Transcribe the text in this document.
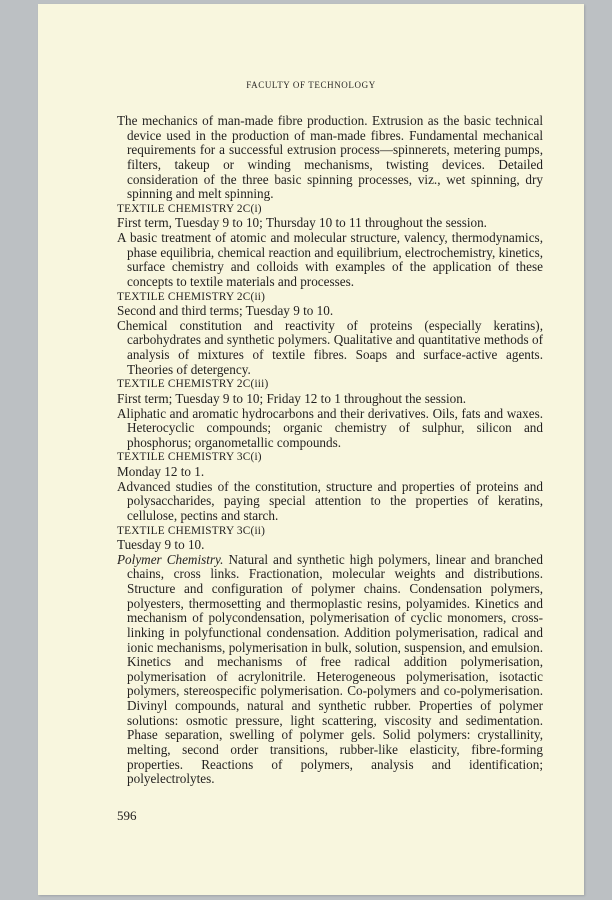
FACULTY OF TECHNOLOGY

The mechanics of man-made fibre production. Extrusion as the basic technical device used in the production of man-made fibres. Fundamental mechanical requirements for a successful extrusion process—spinnerets, metering pumps, filters, takeup or winding mechanisms, twisting devices. Detailed consideration of the three basic spinning processes, viz., wet spinning, dry spinning and melt spinning.

TEXTILE CHEMISTRY 2C(i)

First term, Tuesday 9 to 10; Thursday 10 to 11 throughout the session.

A basic treatment of atomic and molecular structure, valency, thermodynamics, phase equilibria, chemical reaction and equilibrium, electrochemistry, kinetics, surface chemistry and colloids with examples of the application of these concepts to textile materials and processes.

TEXTILE CHEMISTRY 2C(ii)

Second and third terms; Tuesday 9 to 10.

Chemical constitution and reactivity of proteins (especially keratins), carbohydrates and synthetic polymers. Qualitative and quantitative methods of analysis of mixtures of textile fibres. Soaps and surface-active agents. Theories of detergency.

TEXTILE CHEMISTRY 2C(iii)

First term; Tuesday 9 to 10; Friday 12 to 1 throughout the session.

Aliphatic and aromatic hydrocarbons and their derivatives. Oils, fats and waxes. Heterocyclic compounds; organic chemistry of sulphur, silicon and phosphorus; organometallic compounds.

TEXTILE CHEMISTRY 3C(i)

Monday 12 to 1.

Advanced studies of the constitution, structure and properties of proteins and polysaccharides, paying special attention to the properties of keratins, cellulose, pectins and starch.

TEXTILE CHEMISTRY 3C(ii)

Tuesday 9 to 10.

Polymer Chemistry. Natural and synthetic high polymers, linear and branched chains, cross links. Fractionation, molecular weights and distributions. Structure and configuration of polymer chains. Condensation polymers, polyesters, thermosetting and thermoplastic resins, polyamides. Kinetics and mechanism of polycondensation, polymerisation of cyclic monomers, cross-linking in polyfunctional condensation. Addition polymerisation, radical and ionic mechanisms, polymerisation in bulk, solution, suspension, and emulsion. Kinetics and mechanisms of free radical addition polymerisation, polymerisation of acrylonitrile. Heterogeneous polymerisation, isotactic polymers, stereospecific polymerisation. Co-polymers and co-polymerisation. Divinyl compounds, natural and synthetic rubber. Properties of polymer solutions: osmotic pressure, light scattering, viscosity and sedimentation. Phase separation, swelling of polymer gels. Solid polymers: crystallinity, melting, second order transitions, rubber-like elasticity, fibre-forming properties. Reactions of polymers, analysis and identification; polyelectrolytes.

596
